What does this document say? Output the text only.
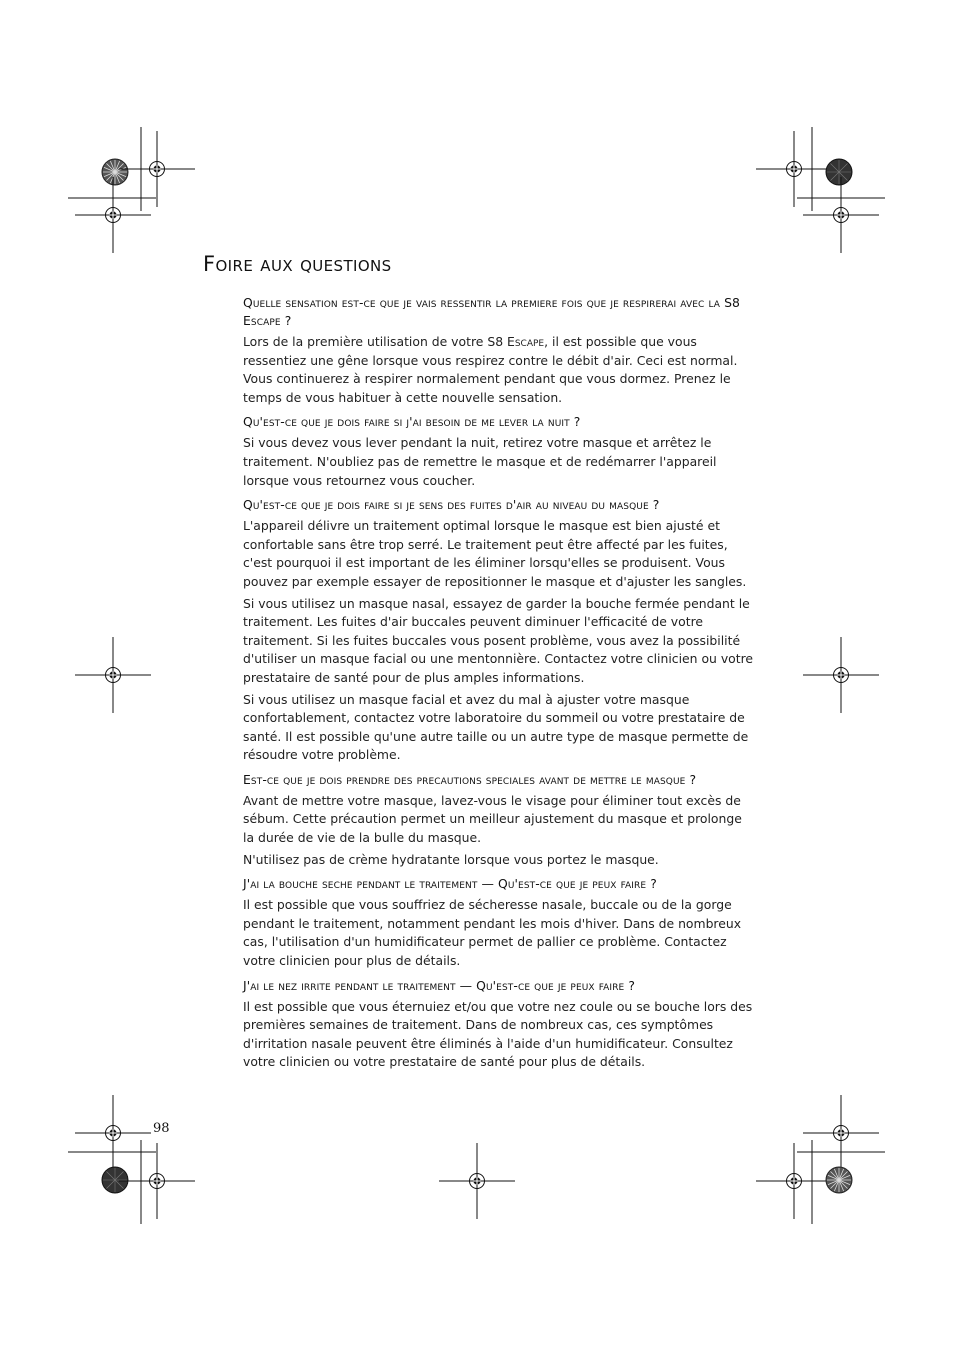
Foire aux questions
Quelle sensation est-ce que je vais ressentir la premiere fois que je respirerai avec la S8 Escape ?

Lors de la première utilisation de votre S8 Escape, il est possible que vous ressentiez une gêne lorsque vous respirez contre le débit d'air. Ceci est normal. Vous continuerez à respirer normalement pendant que vous dormez. Prenez le temps de vous habituer à cette nouvelle sensation.

Qu'est-ce que je dois faire si j'ai besoin de me lever la nuit ?

Si vous devez vous lever pendant la nuit, retirez votre masque et arrêtez le traitement. N'oubliez pas de remettre le masque et de redémarrer l'appareil lorsque vous retournez vous coucher.

Qu'est-ce que je dois faire si je sens des fuites d'air au niveau du masque ?

L'appareil délivre un traitement optimal lorsque le masque est bien ajusté et confortable sans être trop serré. Le traitement peut être affecté par les fuites, c'est pourquoi il est important de les éliminer lorsqu'elles se produisent. Vous pouvez par exemple essayer de repositionner le masque et d'ajuster les sangles.

Si vous utilisez un masque nasal, essayez de garder la bouche fermée pendant le traitement. Les fuites d'air buccales peuvent diminuer l'efficacité de votre traitement. Si les fuites buccales vous posent problème, vous avez la possibilité d'utiliser un masque facial ou une mentonnière. Contactez votre clinicien ou votre prestataire de santé pour de plus amples informations.

Si vous utilisez un masque facial et avez du mal à ajuster votre masque confortablement, contactez votre laboratoire du sommeil ou votre prestataire de santé. Il est possible qu'une autre taille ou un autre type de masque permette de résoudre votre problème.

Est-ce que je dois prendre des precautions speciales avant de mettre le masque ?

Avant de mettre votre masque, lavez-vous le visage pour éliminer tout excès de sébum. Cette précaution permet un meilleur ajustement du masque et prolonge la durée de vie de la bulle du masque.

N'utilisez pas de crème hydratante lorsque vous portez le masque.

J'ai la bouche seche pendant le traitement — Qu'est-ce que je peux faire ?

Il est possible que vous souffriez de sécheresse nasale, buccale ou de la gorge pendant le traitement, notamment pendant les mois d'hiver. Dans de nombreux cas, l'utilisation d'un humidificateur permet de pallier ce problème. Contactez votre clinicien pour plus de détails.

J'ai le nez irrite pendant le traitement — Qu'est-ce que je peux faire ?

Il est possible que vous éternuiez et/ou que votre nez coule ou se bouche lors des premières semaines de traitement. Dans de nombreux cas, ces symptômes d'irritation nasale peuvent être éliminés à l'aide d'un humidificateur. Consultez votre clinicien ou votre prestataire de santé pour plus de détails.

98
